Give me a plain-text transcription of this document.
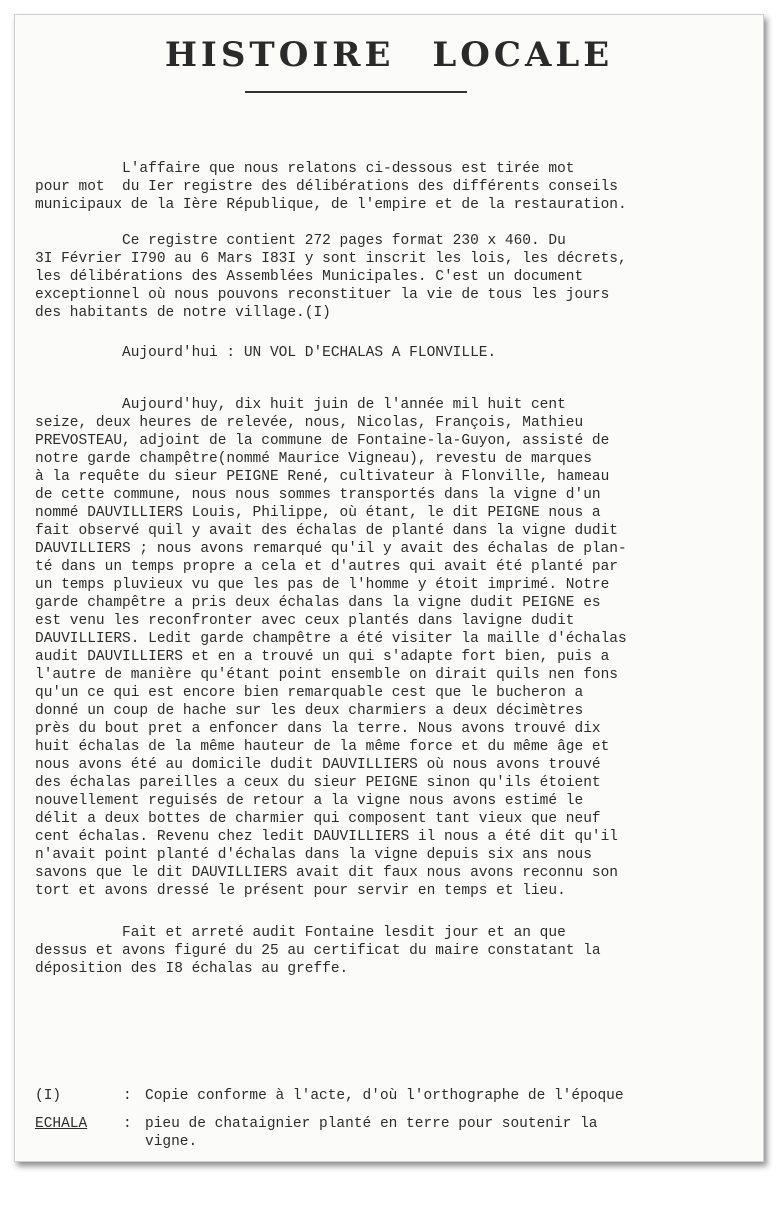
HISTOIRE LOCALE
L'affaire que nous relatons ci-dessous est tirée mot
pour mot  du Ier registre des délibérations des différents conseils
municipaux de la Ière République, de l'empire et de la restauration.
Ce registre contient 272 pages format 230 x 460. Du
3I Février I790 au 6 Mars I83I y sont inscrit les lois, les décrets,
les délibérations des Assemblées Municipales. C'est un document
exceptionnel où nous pouvons reconstituer la vie de tous les jours
des habitants de notre village.(I)
Aujourd'hui : UN VOL D'ECHALAS A FLONVILLE.
Aujourd'huy, dix huit juin de l'année mil huit cent
seize, deux heures de relevée, nous, Nicolas, François, Mathieu
PREVOSTEAU, adjoint de la commune de Fontaine-la-Guyon, assisté de
notre garde champêtre(nommé Maurice Vigneau), revestu de marques
à la requête du sieur PEIGNE René, cultivateur à Flonville, hameau
de cette commune, nous nous sommes transportés dans la vigne d'un
nommé DAUVILLIERS Louis, Philippe, où étant, le dit PEIGNE nous a
fait observé quil y avait des échalas de planté dans la vigne dudit
DAUVILLIERS ; nous avons remarqué qu'il y avait des échalas de plan-
té dans un temps propre a cela et d'autres qui avait été planté par
un temps pluvieux vu que les pas de l'homme y étoit imprimé. Notre
garde champêtre a pris deux échalas dans la vigne dudit PEIGNE es
est venu les reconfronter avec ceux plantés dans lavigne dudit
DAUVILLIERS. Ledit garde champêtre a été visiter la maille d'échalas
audit DAUVILLIERS et en a trouvé un qui s'adapte fort bien, puis a
l'autre de manière qu'étant point ensemble on dirait quils nen fons
qu'un ce qui est encore bien remarquable cest que le bucheron a
donné un coup de hache sur les deux charmiers a deux décimètres
près du bout pret a enfoncer dans la terre. Nous avons trouvé dix
huit échalas de la même hauteur de la même force et du même âge et
nous avons été au domicile dudit DAUVILLIERS où nous avons trouvé
des échalas pareilles a ceux du sieur PEIGNE sinon qu'ils étoient
nouvellement reguisés de retour a la vigne nous avons estimé le
délit a deux bottes de charmier qui composent tant vieux que neuf
cent échalas. Revenu chez ledit DAUVILLIERS il nous a été dit qu'il
n'avait point planté d'échalas dans la vigne depuis six ans nous
savons que le dit DAUVILLIERS avait dit faux nous avons reconnu son
tort et avons dressé le présent pour servir en temps et lieu.
Fait et arreté audit Fontaine lesdit jour et an que
dessus et avons figuré du 25 au certificat du maire constatant la
déposition des I8 échalas au greffe.

(I)

	:

Copie conforme à l'acte, d'où l'orthographe de l'époque

ECHALA

:

pieu de chataignier planté en terre pour soutenir la
vigne.
